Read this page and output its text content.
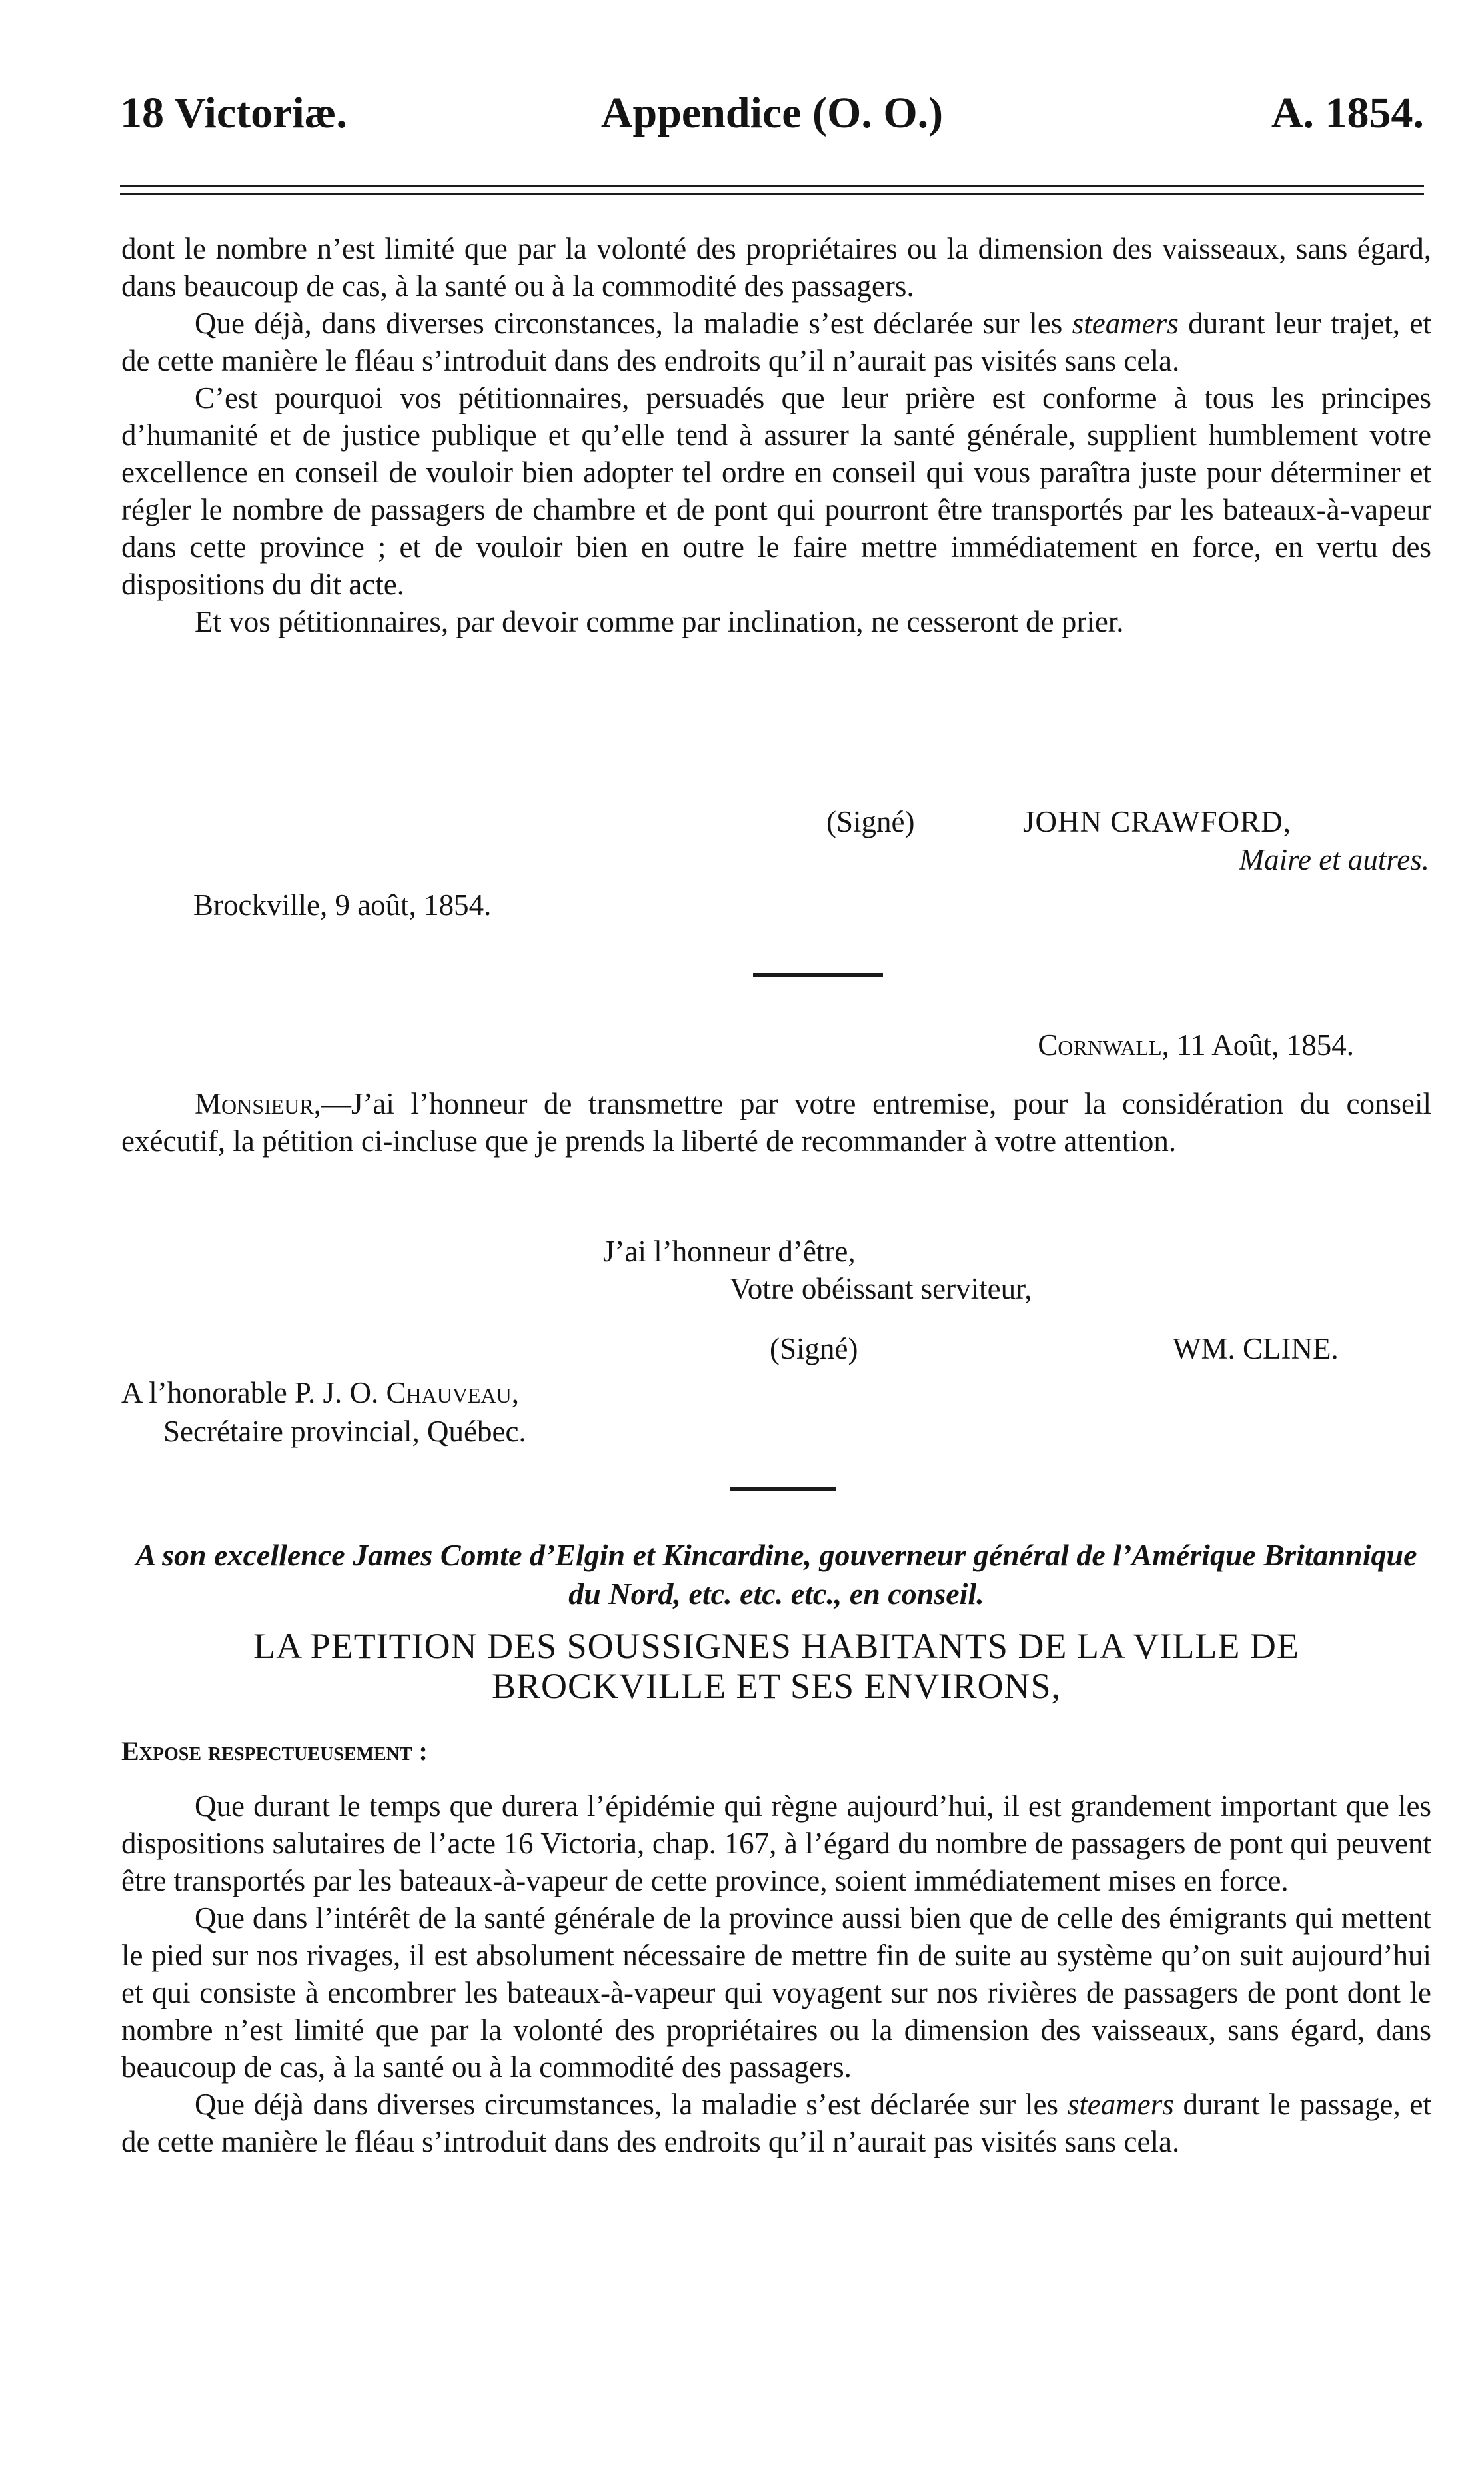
18 Victoriæ.	Appendice (O. O.)	A. 1854.

dont le nombre n’est limité que par la volonté des propriétaires ou la dimension des vaisseaux, sans égard, dans beaucoup de cas, à la santé ou à la commodité des passagers.

Que déjà, dans diverses circonstances, la maladie s’est déclarée sur les steamers durant leur trajet, et de cette manière le fléau s’introduit dans des endroits qu’il n’aurait pas visités sans cela.

C’est pourquoi vos pétitionnaires, persuadés que leur prière est conforme à tous les principes d’humanité et de justice publique et qu’elle tend à assurer la santé générale, supplient humblement votre excellence en conseil de vouloir bien adopter tel ordre en conseil qui vous paraîtra juste pour déterminer et régler le nombre de passagers de chambre et de pont qui pourront être transportés par les bateaux-à-vapeur dans cette province ; et de vouloir bien en outre le faire mettre immédiatement en force, en vertu des dispositions du dit acte.

Et vos pétitionnaires, par devoir comme par inclination, ne cesseront de prier.

(Signé)	JOHN CRAWFORD,
Maire et autres.
Brockville, 9 août, 1854.
Cornwall, 11 Août, 1854.

Monsieur,—J’ai l’honneur de transmettre par votre entremise, pour la considération du conseil exécutif, la pétition ci-incluse que je prends la liberté de recommander à votre attention.

J’ai l’honneur d’être,
Votre obéissant serviteur,
(Signé)	WM. CLINE.
A l’honorable P. J. O. Chauveau,
Secrétaire provincial, Québec.
A son excellence James Comte d’Elgin et Kincardine, gouverneur général de l’Amérique Britannique du Nord, etc. etc. etc., en conseil.
LA PETITION DES SOUSSIGNES HABITANTS DE LA VILLE DE
BROCKVILLE ET SES ENVIRONS,
Expose respectueusement :

Que durant le temps que durera l’épidémie qui règne aujourd’hui, il est grandement important que les dispositions salutaires de l’acte 16 Victoria, chap. 167, à l’égard du nombre de passagers de pont qui peuvent être transportés par les bateaux-à-vapeur de cette province, soient immédiatement mises en force.

Que dans l’intérêt de la santé générale de la province aussi bien que de celle des émigrants qui mettent le pied sur nos rivages, il est absolument nécessaire de mettre fin de suite au système qu’on suit aujourd’hui et qui consiste à encombrer les bateaux-à-vapeur qui voyagent sur nos rivières de passagers de pont dont le nombre n’est limité que par la volonté des propriétaires ou la dimension des vaisseaux, sans égard, dans beaucoup de cas, à la santé ou à la commodité des passagers.

Que déjà dans diverses circumstances, la maladie s’est déclarée sur les steamers durant le passage, et de cette manière le fléau s’introduit dans des endroits qu’il n’aurait pas visités sans cela.
